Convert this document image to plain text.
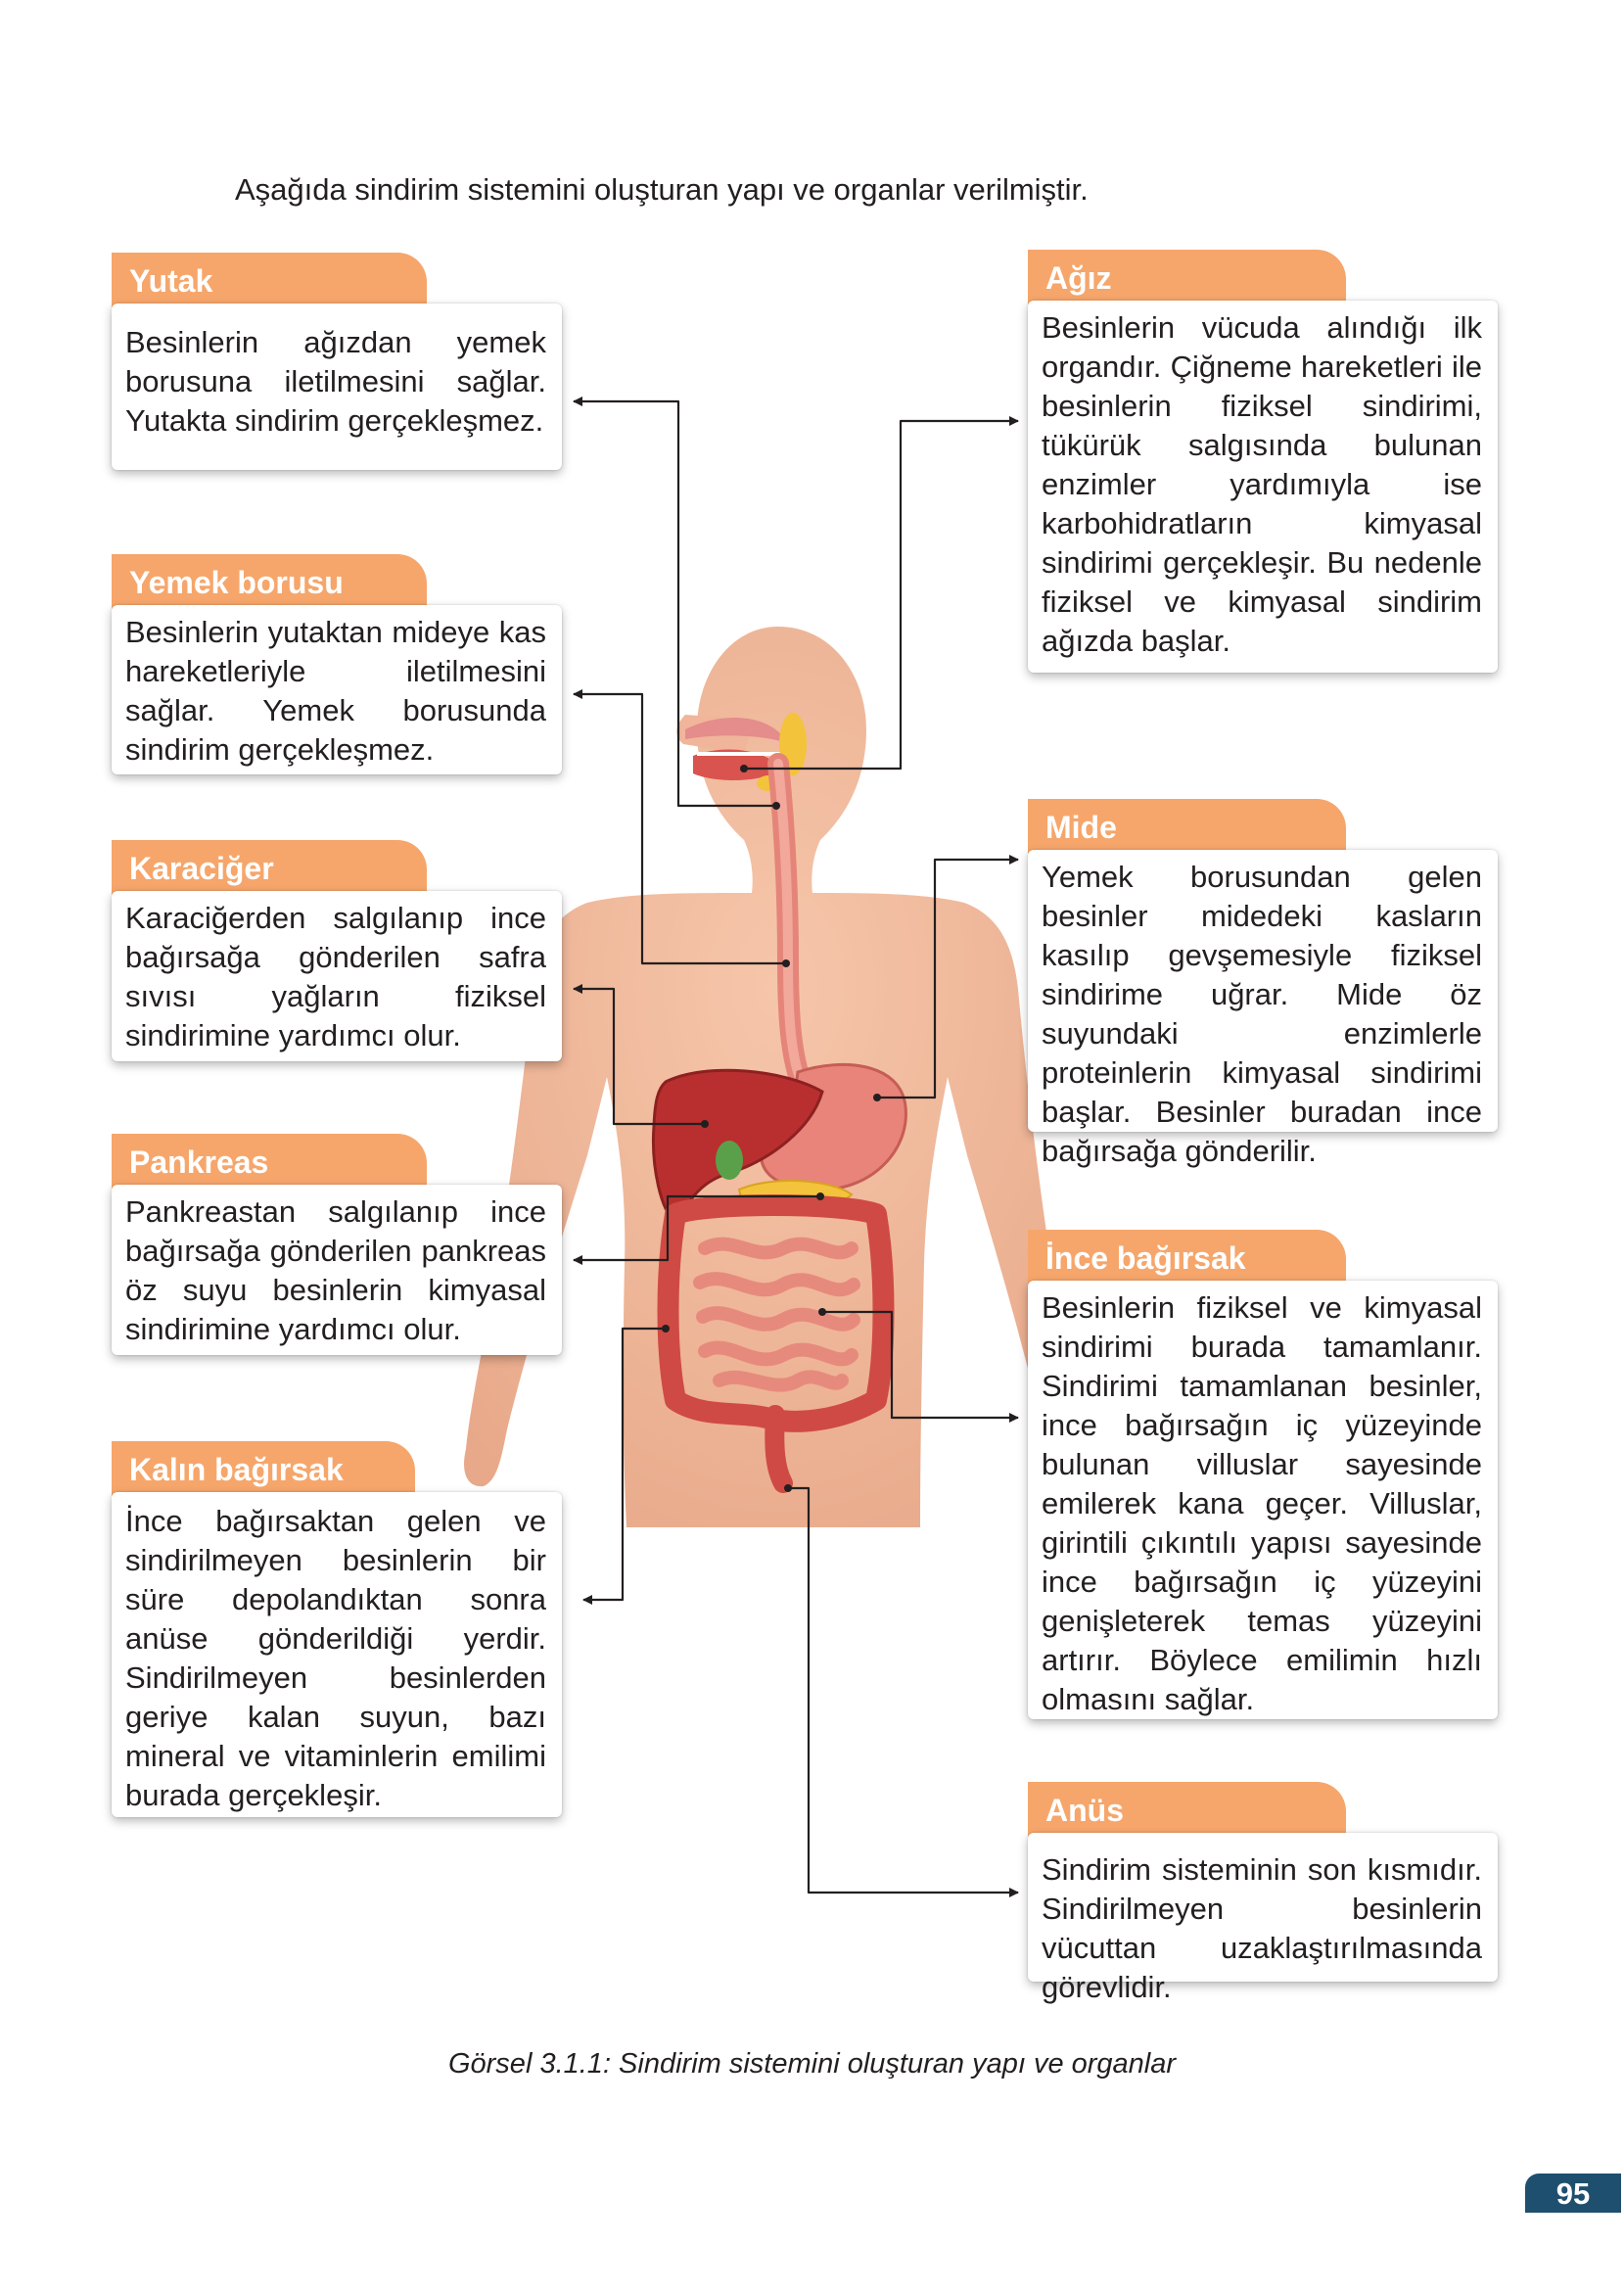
Aşağıda sindirim sistemini oluşturan yapı ve organlar verilmiştir.
Yutak
Besinlerin ağızdan yemek borusuna iletilmesini sağlar. Yutakta sindirim gerçekleşmez.
Yemek borusu
Besinlerin yutaktan mideye kas hareketleriyle iletilmesini sağlar. Yemek borusunda sindirim gerçekleşmez.
Karaciğer
Karaciğerden salgılanıp ince bağırsağa gönderilen safra sıvısı yağların fiziksel sindirimine yardımcı olur.
Pankreas
Pankreastan salgılanıp ince bağırsağa gönderilen pankreas öz suyu besinlerin kimyasal sindirimine yardımcı olur.
Kalın bağırsak
İnce bağırsaktan gelen ve sindirilmeyen besinlerin bir süre depolandıktan sonra anüse gönderildiği yerdir. Sindirilmeyen besinlerden geriye kalan suyun, bazı mineral ve vitaminlerin emilimi burada gerçekleşir.
Ağız
Besinlerin vücuda alındığı ilk organdır. Çiğneme hareketleri ile besinlerin fiziksel sindirimi, tükürük salgısında bulunan enzimler yardımıyla ise karbohidratların kimyasal sindirimi gerçekleşir. Bu nedenle fiziksel ve kimyasal sindirim ağızda başlar.
Mide
Yemek borusundan gelen besinler midedeki kasların kasılıp gevşemesiyle fiziksel sindirime uğrar. Mide öz suyundaki enzimlerle proteinlerin kimyasal sindirimi başlar. Besinler buradan ince bağırsağa gönderilir.
İnce bağırsak
Besinlerin fiziksel ve kimyasal sindirimi burada tamamlanır. Sindirimi tamamlanan besinler, ince bağırsağın iç yüzeyinde bulunan villuslar sayesinde emilerek kana geçer. Villuslar, girintili çıkıntılı yapısı sayesinde ince bağırsağın iç yüzeyini genişleterek temas yüzeyini artırır. Böylece emilimin hızlı olmasını sağlar.
Anüs
Sindirim sisteminin son kısmıdır. Sindirilmeyen besinlerin vücuttan uzaklaştırılmasında görevlidir.
Görsel 3.1.1: Sindirim sistemini oluşturan yapı ve organlar
95
